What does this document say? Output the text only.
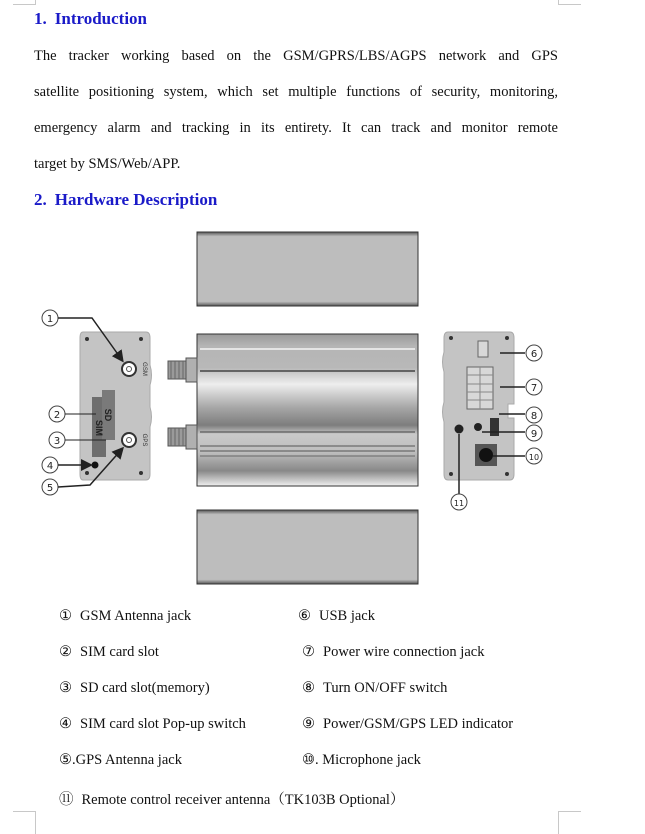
1. Introduction

The tracker working based on the GSM/GPRS/LBS/AGPS network and GPS
satellite positioning system, which set multiple functions of security, monitoring,
emergency alarm and tracking in its entirety. It can track and monitor remote
target by SMS/Web/APP.

2. Hardware Description
GSM
GPS
SIM
SD
1
2
3
4
5
6
7
8
9
10
11
① GSM Antenna jack
② SIM card slot
③ SD card slot(memory)
④ SIM card slot Pop-up switch
⑤.GPS Antenna jack
⑥ USB jack
⑦ Power wire connection jack
⑧ Turn ON/OFF switch
⑨ Power/GSM/GPS LED indicator
⑩. Microphone jack
⑪ Remote control receiver antenna（TK103B Optional）
